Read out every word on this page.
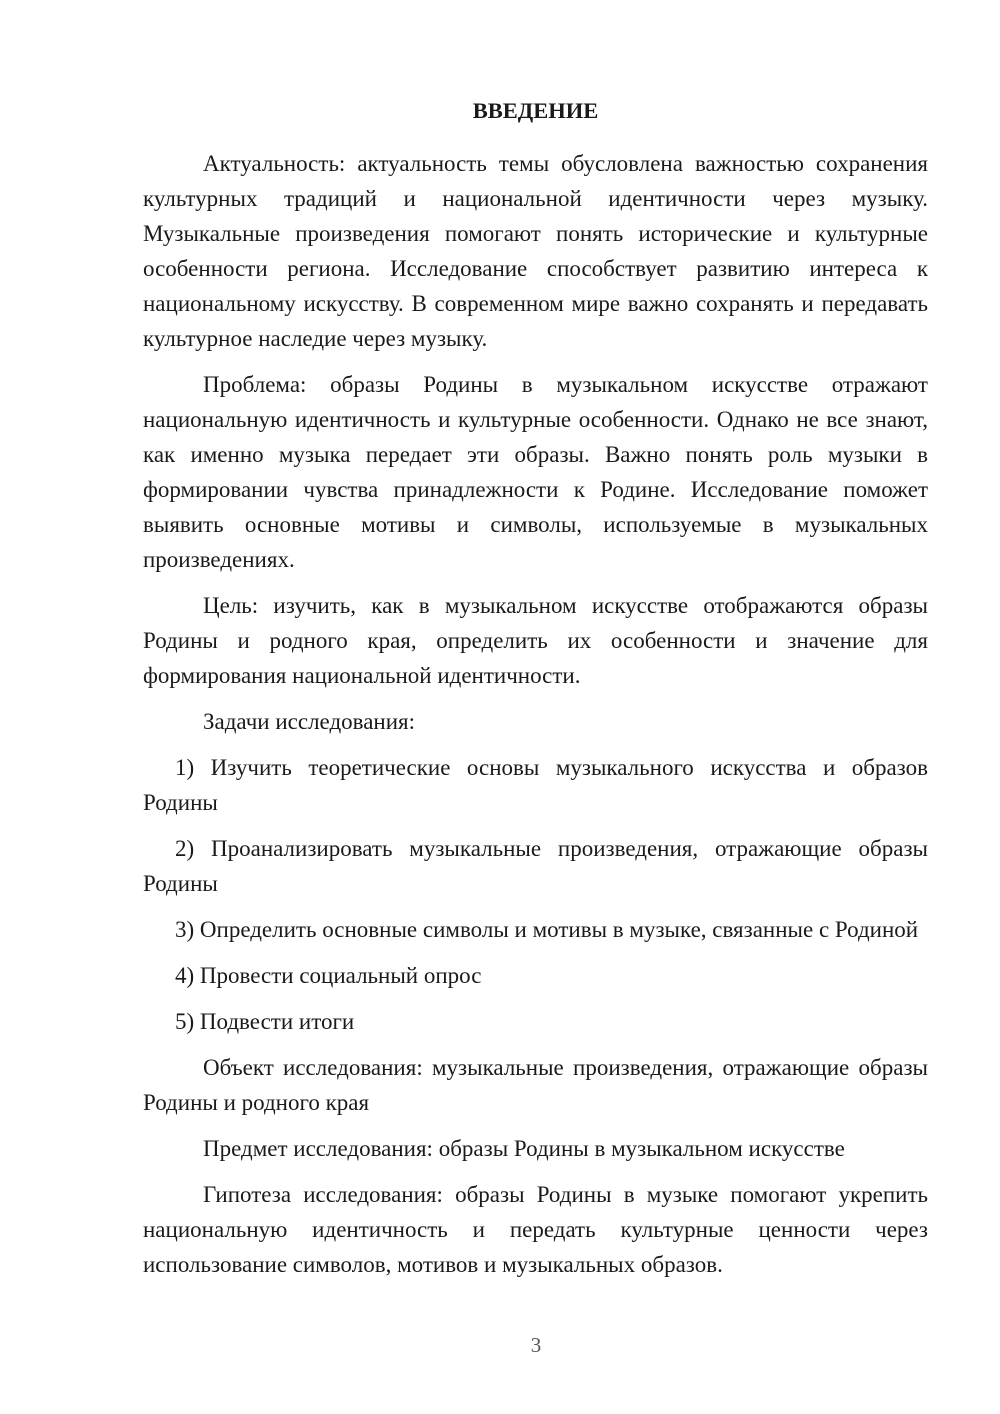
ВВЕДЕНИЕ

Актуальность: актуальность темы обусловлена важностью сохранения культурных традиций и национальной идентичности через музыку. Музыкальные произведения помогают понять исторические и культурные особенности региона. Исследование способствует развитию интереса к национальному искусству. В современном мире важно сохранять и передавать культурное наследие через музыку.

Проблема: образы Родины в музыкальном искусстве отражают национальную идентичность и культурные особенности. Однако не все знают, как именно музыка передает эти образы. Важно понять роль музыки в формировании чувства принадлежности к Родине. Исследование поможет выявить основные мотивы и символы, используемые в музыкальных произведениях.

Цель: изучить, как в музыкальном искусстве отображаются образы Родины и родного края, определить их особенности и значение для формирования национальной идентичности.

Задачи исследования:

1) Изучить теоретические основы музыкального искусства и образов Родины

2) Проанализировать музыкальные произведения, отражающие образы Родины

3) Определить основные символы и мотивы в музыке, связанные с Родиной

4) Провести социальный опрос

5) Подвести итоги

Объект исследования: музыкальные произведения, отражающие образы Родины и родного края

Предмет исследования: образы Родины в музыкальном искусстве

Гипотеза исследования: образы Родины в музыке помогают укрепить национальную идентичность и передать культурные ценности через использование символов, мотивов и музыкальных образов.

3
